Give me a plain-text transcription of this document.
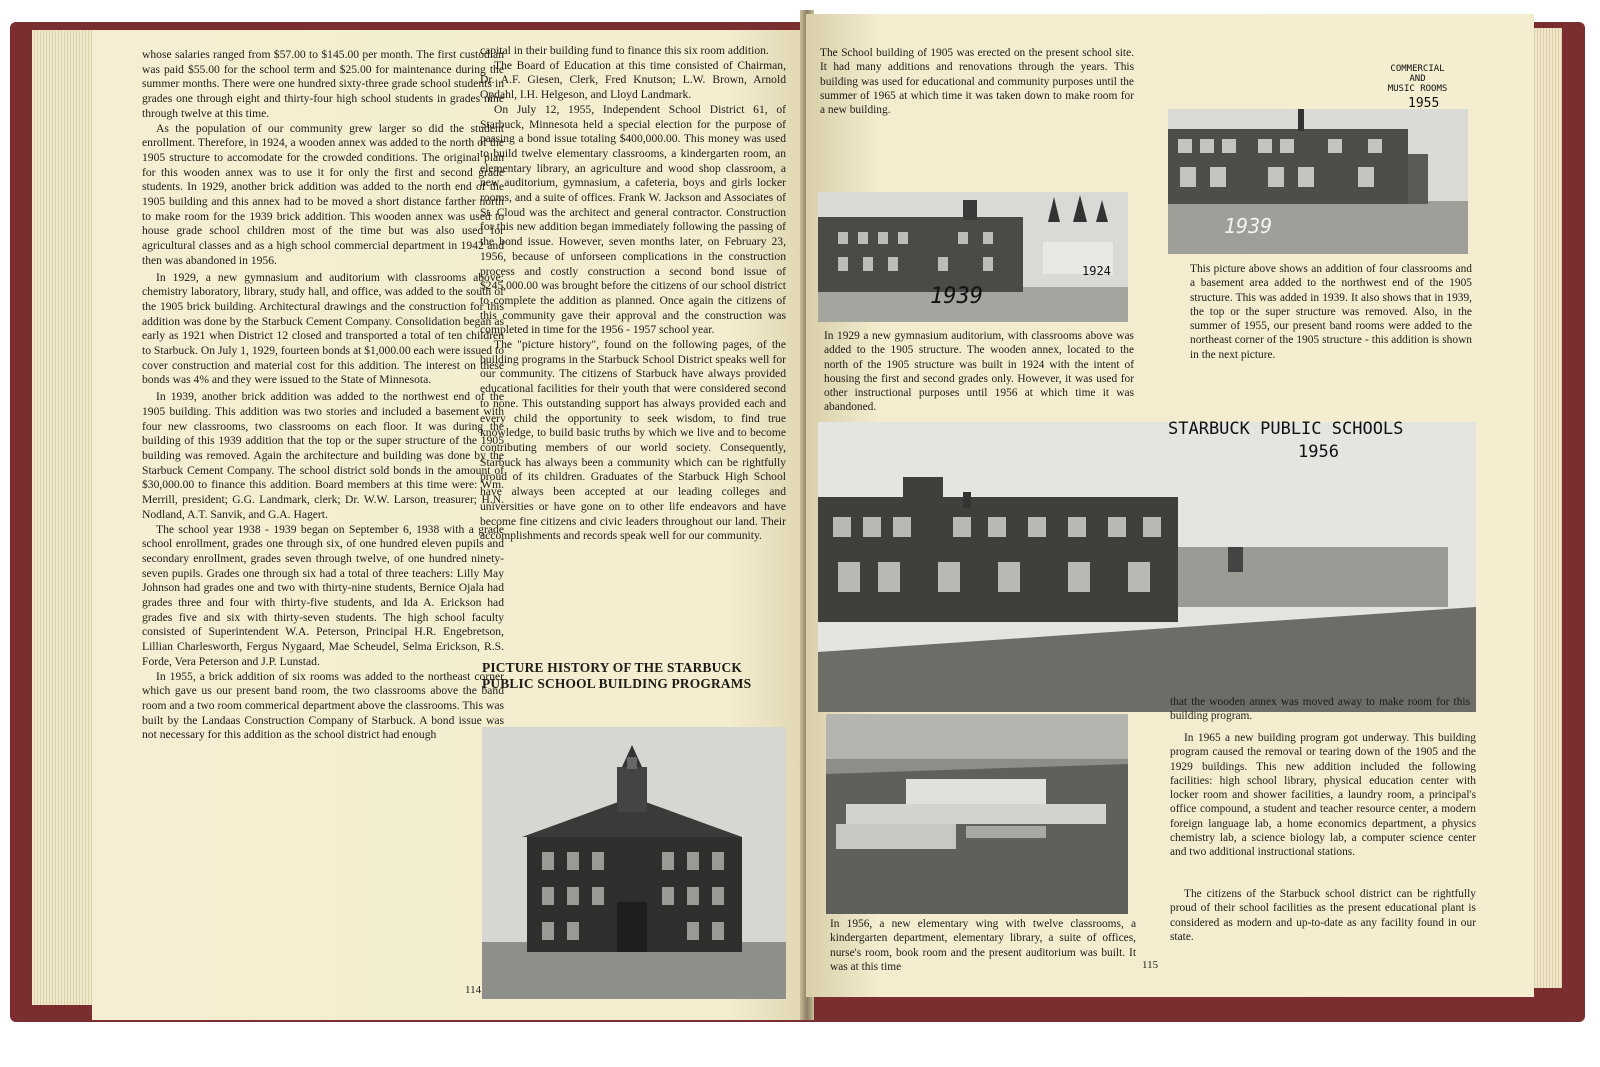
whose salaries ranged from $57.00 to $145.00 per month. The first custodian was paid $55.00 for the school term and $25.00 for maintenance during the summer months. There were one hundred sixty-three grade school students in grades one through eight and thirty-four high school students in grades nine through twelve at this time.

As the population of our community grew larger so did the student enrollment. Therefore, in 1924, a wooden annex was added to the north of the 1905 structure to accomodate for the crowded conditions. The original plan for this wooden annex was to use it for only the first and second grade students. In 1929, another brick addition was added to the north end of the 1905 building and this annex had to be moved a short distance farther north to make room for the 1939 brick addition. This wooden annex was used to house grade school children most of the time but was also used for agricultural classes and as a high school commercial department in 1942 and then was abandoned in 1956.

In 1929, a new gymnasium and auditorium with classrooms above; chemistry laboratory, library, study hall, and office, was added to the south of the 1905 brick building. Architectural drawings and the construction for this addition was done by the Starbuck Cement Company. Consolidation began as early as 1921 when District 12 closed and transported a total of ten children to Starbuck. On July 1, 1929, fourteen bonds at $1,000.00 each were issued to cover construction and material cost for this addition. The interest on these bonds was 4% and they were issued to the State of Minnesota.

In 1939, another brick addition was added to the northwest end of the 1905 building. This addition was two stories and included a basement with four new classrooms, two classrooms on each floor. It was during the building of this 1939 addition that the top or the super structure of the 1905 building was removed. Again the architecture and building was done by the Starbuck Cement Company. The school district sold bonds in the amount of $30,000.00 to finance this addition. Board members at this time were: Wm. Merrill, president; G.G. Landmark, clerk; Dr. W.W. Larson, treasurer; H.N. Nodland, A.T. Sanvik, and G.A. Hagert.

The school year 1938 - 1939 began on September 6, 1938 with a grade school enrollment, grades one through six, of one hundred eleven pupils and secondary enrollment, grades seven through twelve, of one hundred ninety-seven pupils. Grades one through six had a total of three teachers: Lilly May Johnson had grades one and two with thirty-nine students, Bernice Ojala had grades three and four with thirty-five students, and Ida A. Erickson had grades five and six with thirty-seven students. The high school faculty consisted of Superintendent W.A. Peterson, Principal H.R. Engebretson, Lillian Charlesworth, Fergus Nygaard, Mae Scheudel, Selma Erickson, R.S. Forde, Vera Peterson and J.P. Lunstad.

In 1955, a brick addition of six rooms was added to the northeast corner which gave us our present band room, the two classrooms above the band room and a two room commerical department above the classrooms. This was built by the Landaas Construction Company of Starbuck. A bond issue was not necessary for this addition as the school district had enough

capital in their building fund to finance this six room addition.

The Board of Education at this time consisted of Chairman, Dr. A.F. Giesen, Clerk, Fred Knutson; L.W. Brown, Arnold Opdahl, I.H. Helgeson, and Lloyd Landmark.

On July 12, 1955, Independent School District 61, of Starbuck, Minnesota held a special election for the purpose of passing a bond issue totaling $400,000.00. This money was used to build twelve elementary classrooms, a kindergarten room, an elementary library, an agriculture and wood shop classroom, a new auditorium, gymnasium, a cafeteria, boys and girls locker rooms, and a suite of offices. Frank W. Jackson and Associates of St. Cloud was the architect and general contractor. Construction for this new addition began immediately following the passing of the bond issue. However, seven months later, on February 23, 1956, because of unforseen complications in the construction process and costly construction a second bond issue of $245,000.00 was brought before the citizens of our school district to complete the addition as planned. Once again the citizens of this community gave their approval and the construction was completed in time for the 1956 - 1957 school year.

The "picture history", found on the following pages, of the building programs in the Starbuck School District speaks well for our community. The citizens of Starbuck have always provided educational facilities for their youth that were considered second to none. This outstanding support has always provided each and every child the opportunity to seek wisdom, to find true knowledge, to build basic truths by which we live and to become contributing members of our world society. Consequently, Starbuck has always been a community which can be rightfully proud of its children. Graduates of the Starbuck High School have always been accepted at our leading colleges and universities or have gone on to other life endeavors and have become fine citizens and civic leaders throughout our land. Their accomplishments and records speak well for our community.

PICTURE HISTORY OF THE STARBUCK PUBLIC SCHOOL BUILDING PROGRAMS
114
The School building of 1905 was erected on the present school site. It had many additions and renovations through the years. This building was used for educational and community purposes until the summer of 1965 at which time it was taken down to make room for a new building.
1939
1924
In 1929 a new gymnasium auditorium, with classrooms above was added to the 1905 structure. The wooden annex, located to the north of the 1905 structure was built in 1924 with the intent of housing the first and second grades only. However, it was used for other instructional purposes until 1956 at which time it was abandoned.
COMMERCIAL
AND
MUSIC ROOMS
1955
1939
This picture above shows an addition of four classrooms and a basement area added to the northwest end of the 1905 structure. This was added in 1939. It also shows that in 1939, the top or the super structure was removed. Also, in the summer of 1955, our present band rooms were added to the northeast corner of the 1905 structure - this addition is shown in the next picture.
STARBUCK PUBLIC SCHOOLS
1956
that the wooden annex was moved away to make room for this building program.
In 1956, a new elementary wing with twelve classrooms, a kindergarten department, elementary library, a suite of offices, nurse's room, book room and the present auditorium was built. It was at this time	115
In 1965 a new building program got underway. This building program caused the removal or tearing down of the 1905 and the 1929 buildings. This new addition included the following facilities: high school library, physical education center with locker room and shower facilities, a laundry room, a principal's office compound, a student and teacher resource center, a modern foreign language lab, a home economics department, a physics chemistry lab, a science biology lab, a computer science center and two additional instructional stations.
The citizens of the Starbuck school district can be rightfully proud of their school facilities as the present educational plant is considered as modern and up-to-date as any facility found in our state.
